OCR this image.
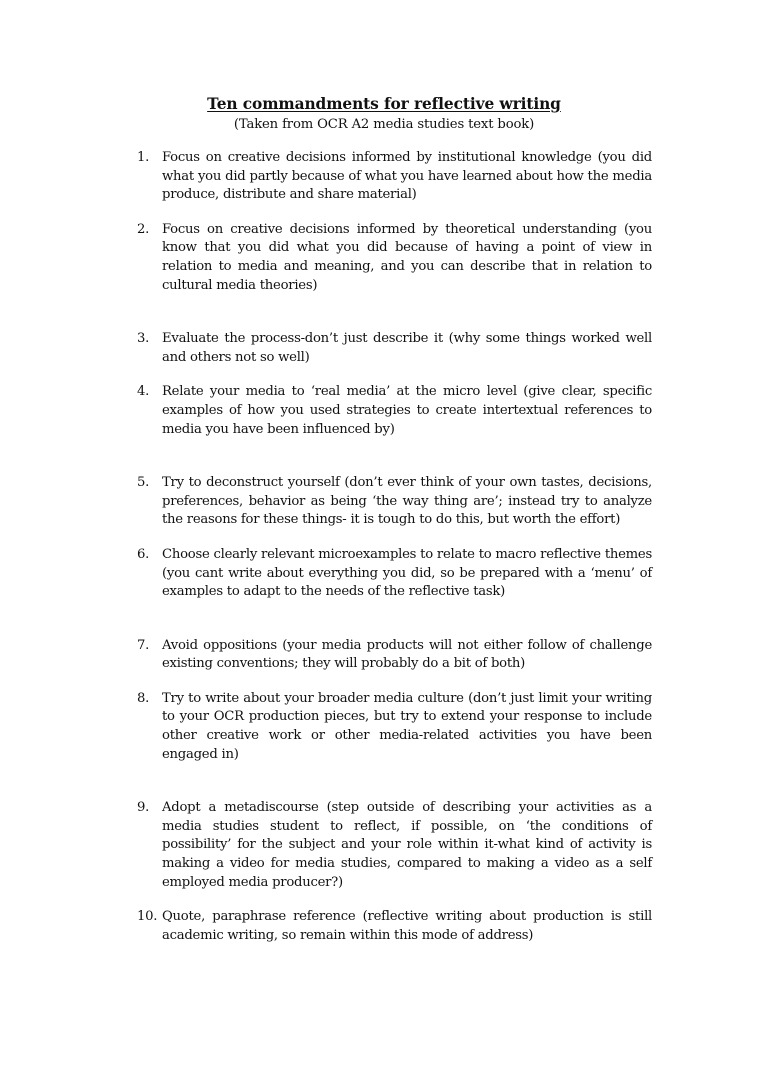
Ten commandments for reflective writing

(Taken from OCR A2 media studies text book)

1. Focus on creative decisions informed by institutional knowledge (you did what you did partly because of what you have learned about how the media produce, distribute and share material)
2. Focus on creative decisions informed by theoretical understanding (you know that you did what you did because of having a point of view in relation to media and meaning, and you can describe that in relation to cultural media theories)
3. Evaluate the process-don’t just describe it (why some things worked well and others not so well)
4. Relate your media to ‘real media’ at the micro level (give clear, specific examples of how you used strategies to create intertextual references to media you have been influenced by)
5. Try to deconstruct yourself (don’t ever think of your own tastes, decisions, preferences, behavior as being ‘the way thing are’; instead try to analyze the reasons for these things- it is tough to do this, but worth the effort)
6. Choose clearly relevant microexamples to relate to macro reflective themes (you cant write about everything you did, so be prepared with a ‘menu’ of examples to adapt to the needs of the reflective task)
7. Avoid oppositions (your media products will not either follow of challenge existing conventions; they will probably do a bit of both)
8. Try to write about your broader media culture (don’t just limit your writing to your OCR production pieces, but try to extend your response to include other creative work or other media-related activities you have been engaged in)
9. Adopt a metadiscourse (step outside of describing your activities as a media studies student to reflect, if possible, on ‘the conditions of possibility’ for the subject and your role within it-what kind of activity is making a video for media studies, compared to making a video as a self employed media producer?)
10. Quote, paraphrase reference (reflective writing about production is still academic writing, so remain within this mode of address)
